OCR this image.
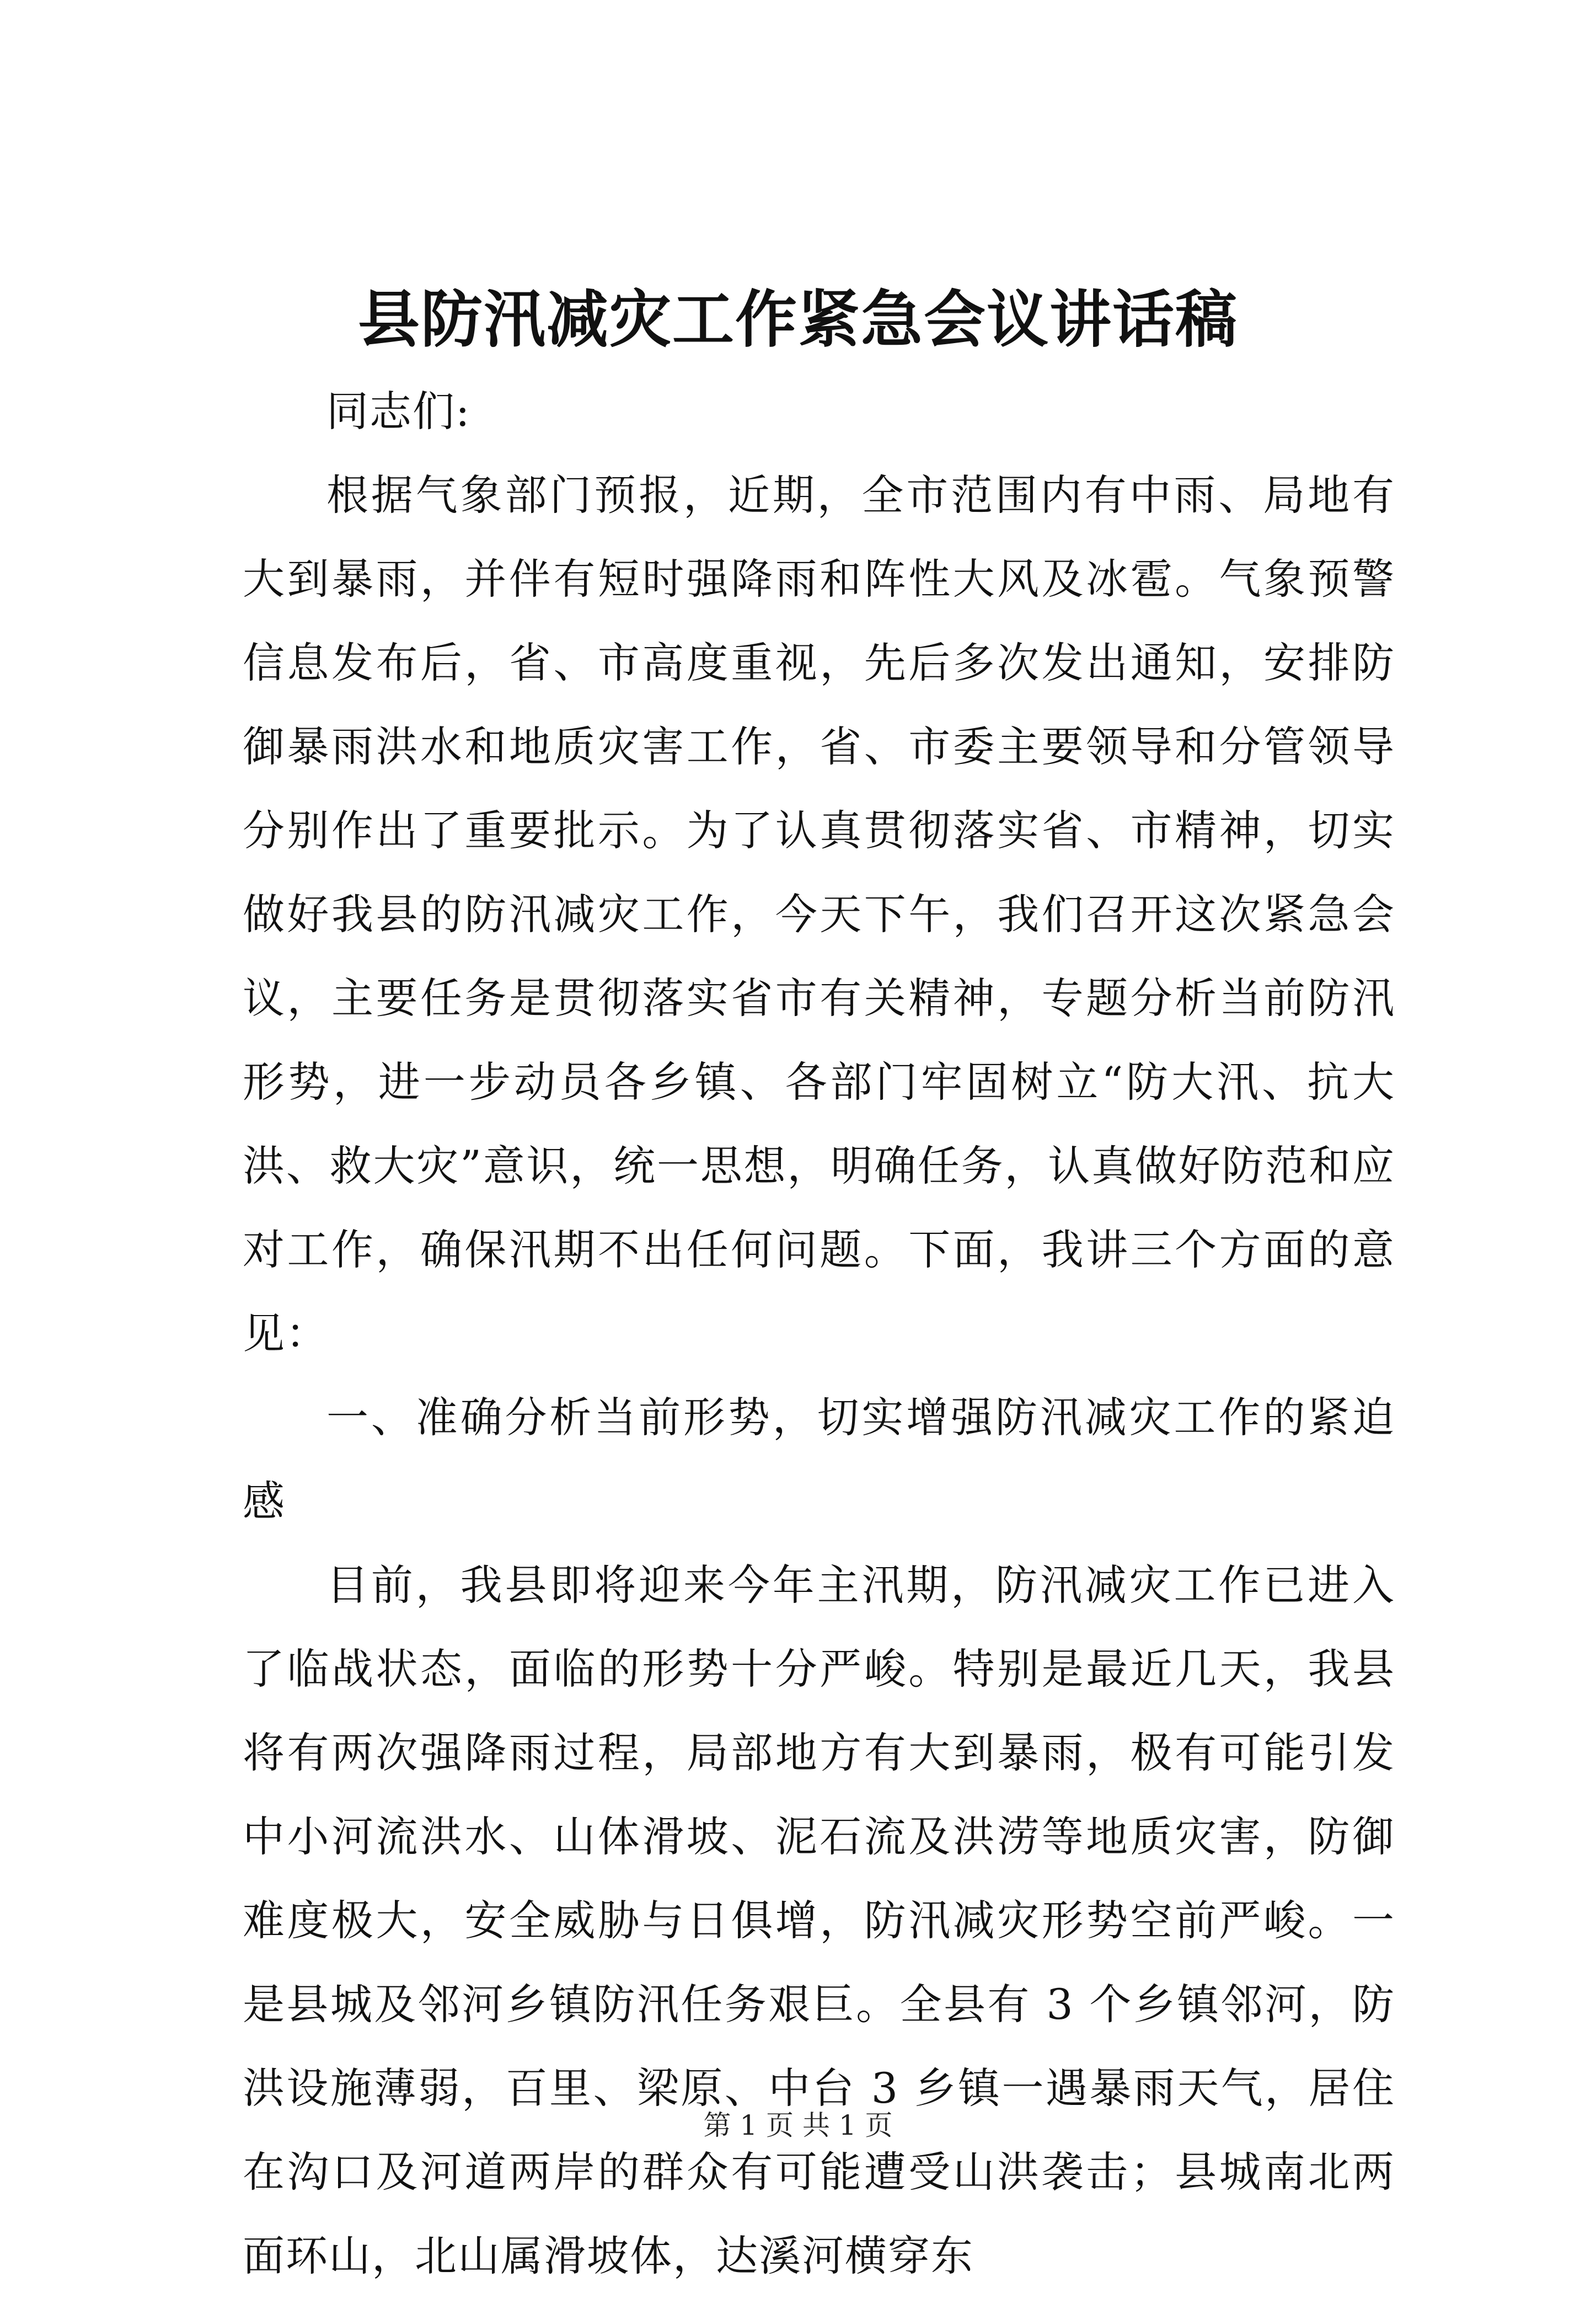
县防汛减灾工作紧急会议讲话稿

同志们:

根据气象部门预报，近期，全市范围内有中雨、局地有大到暴雨，并伴有短时强降雨和阵性大风及冰雹。气象预警信息发布后，省、市高度重视，先后多次发出通知，安排防御暴雨洪水和地质灾害工作，省、市委主要领导和分管领导分别作出了重要批示。为了认真贯彻落实省、市精神，切实做好我县的防汛减灾工作，今天下午，我们召开这次紧急会议，主要任务是贯彻落实省市有关精神，专题分析当前防汛形势，进一步动员各乡镇、各部门牢固树立“防大汛、抗大洪、救大灾”意识，统一思想，明确任务，认真做好防范和应对工作，确保汛期不出任何问题。下面，我讲三个方面的意见：

一、准确分析当前形势，切实增强防汛减灾工作的紧迫感

目前，我县即将迎来今年主汛期，防汛减灾工作已进入了临战状态，面临的形势十分严峻。特别是最近几天，我县将有两次强降雨过程，局部地方有大到暴雨，极有可能引发中小河流洪水、山体滑坡、泥石流及洪涝等地质灾害，防御难度极大，安全威胁与日俱增，防汛减灾形势空前严峻。一是县城及邻河乡镇防汛任务艰巨。全县有 3 个乡镇邻河，防洪设施薄弱，百里、梁原、中台 3 乡镇一遇暴雨天气，居住在沟口及河道两岸的群众有可能遭受山洪袭击；县城南北两面环山，北山属滑坡体，达溪河横穿东

第 1 页 共 1 页
